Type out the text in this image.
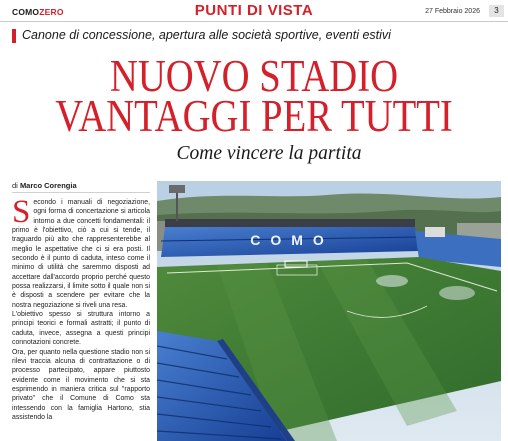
COMOZERO	PUNTI DI VISTA	27 Febbraio 2026	3
Canone di concessione, apertura alle società sportive, eventi estivi
NUOVO STADIO
VANTAGGI PER TUTTI
Come vincere la partita
di Marco Corengia
S econdo i manuali di negoziazione, ogni forma di concertazione si articola intorno a due concetti fondamentali: il primo è l'obiettivo, ciò a cui si tende, il traguardo più alto che rappresenterebbe al meglio le aspettative che ci si era posti. Il secondo è il punto di caduta, inteso come il minimo di utilità che saremmo disposti ad accettare dall'accordo proprio perché questo possa realizzarsi, il limite sotto il quale non si è disposti a scendere per evitare che la nostra negoziazione si riveli una resa.

L'obiettivo spesso si struttura intorno a principi teorici e formali astratti; il punto di caduta, invece, assegna a questi principi connotazioni concrete.

Ora, per quanto nella questione stadio non si rilevi traccia alcuna di contrattazione o di processo partecipato, appare piuttosto evidente come il movimento che si sta esprimendo in maniera critica sul "rapporto privato" che il Comune di Como sta intessendo con la famiglia Hartono, stia assistendo la

COMO
